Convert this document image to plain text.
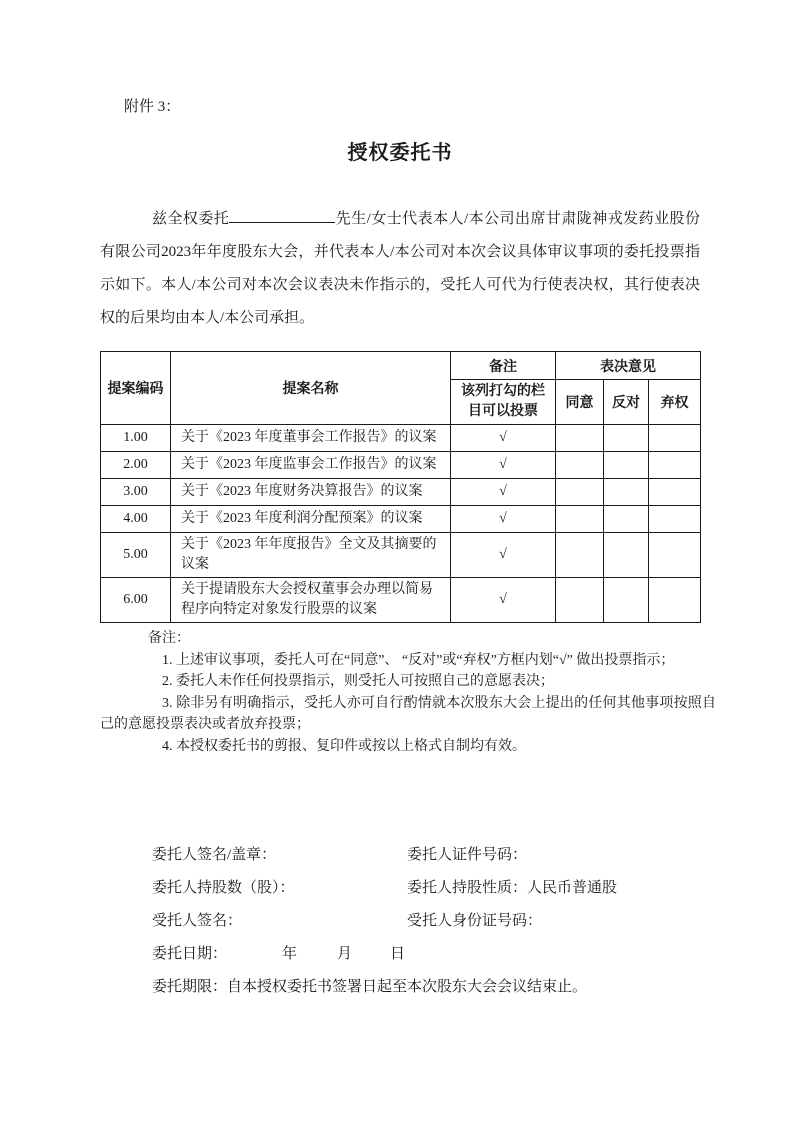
附件 3：
授权委托书

兹全权委托	先生/女士代表本人/本公司出席甘肃陇神戎发药业股份有限公司2023年年度股东大会，并代表本人/本公司对本次会议具体审议事项的委托投票指示如下。本人/本公司对本次会议表决未作指示的，受托人可代为行使表决权，其行使表决权的后果均由本人/本公司承担。

提案编码	提案名称	备注	表决意见		
		该列打勾的栏目可以投票	同意	反对	弃权
1.00	关于《2023 年度董事会工作报告》的议案	√			
2.00	关于《2023 年度监事会工作报告》的议案	√			
3.00	关于《2023 年度财务决算报告》的议案	√			
4.00	关于《2023 年度利润分配预案》的议案	√			
5.00	关于《2023 年年度报告》全文及其摘要的议案	√			
6.00	关于提请股东大会授权董事会办理以简易程序向特定对象发行股票的议案	√			

备注：

1. 上述审议事项，委托人可在“同意”、 “反对”或“弃权”方框内划“√” 做出投票指示；

2. 委托人未作任何投票指示，则受托人可按照自己的意愿表决；

3. 除非另有明确指示，受托人亦可自行酌情就本次股东大会上提出的任何其他事项按照自己的意愿投票表决或者放弃投票；

4. 本授权委托书的剪报、复印件或按以上格式自制均有效。

委托人签名/盖章：	委托人证件号码：
委托人持股数（股）：	委托人持股性质：人民币普通股
受托人签名：	受托人身份证号码：
委托日期：	年	月	日
委托期限：自本授权委托书签署日起至本次股东大会会议结束止。
